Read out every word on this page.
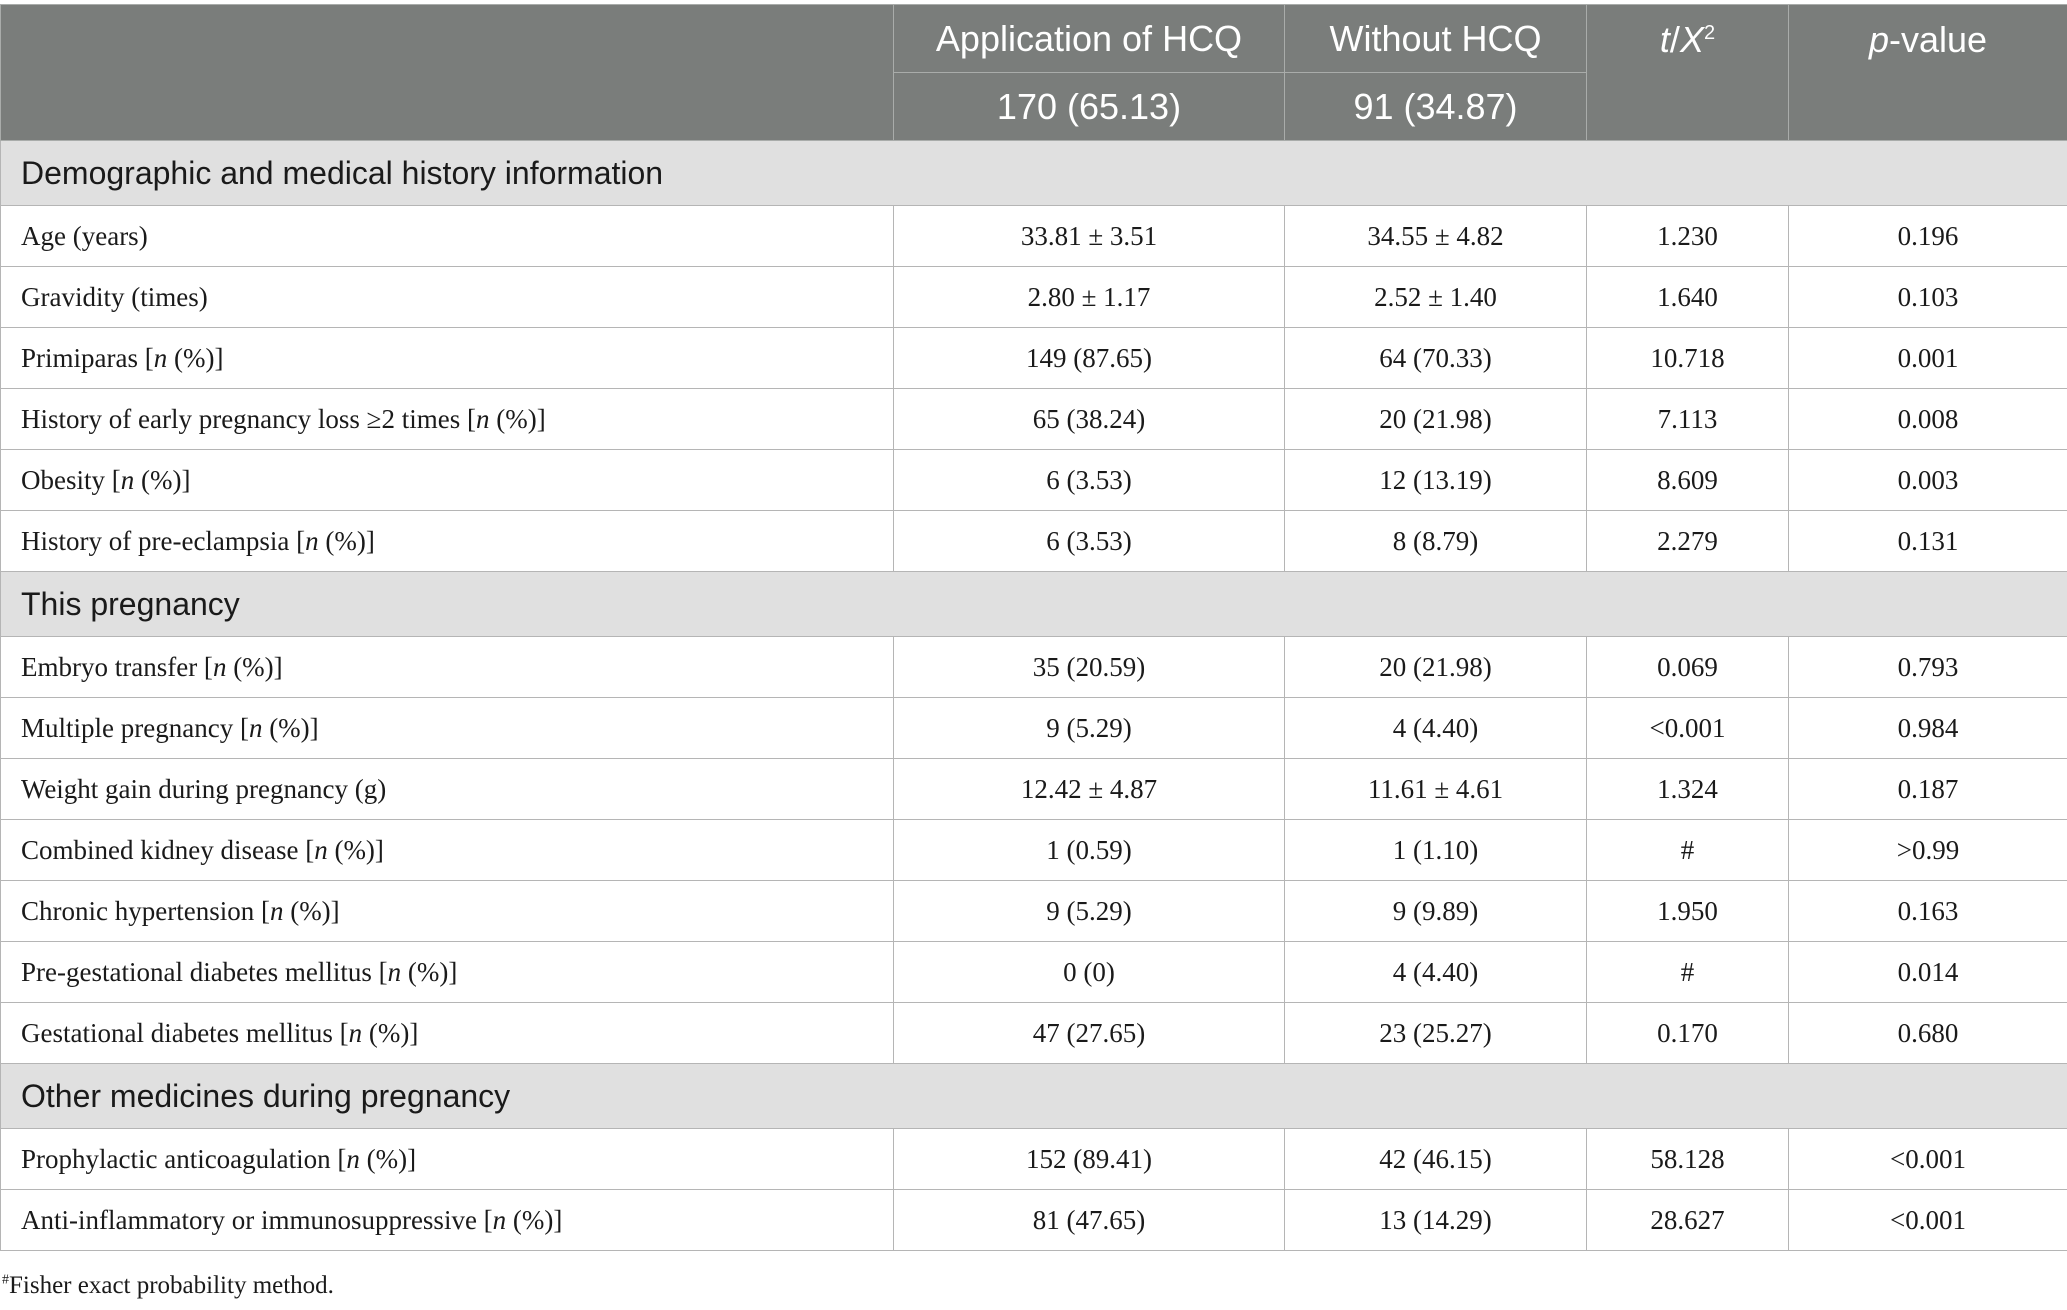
	Application of HCQ	Without HCQ	$t/X^2$	p-value
	170 (65.13)	91 (34.87)		
Demographic and medical history information				
Age (years)	33.81 ± 3.51	34.55 ± 4.82	1.230	0.196
Gravidity (times)	2.80 ± 1.17	2.52 ± 1.40	1.640	0.103
Primiparas [n (%)]	149 (87.65)	64 (70.33)	10.718	0.001
History of early pregnancy loss ≥2 times [n (%)]	65 (38.24)	20 (21.98)	7.113	0.008
Obesity [n (%)]	6 (3.53)	12 (13.19)	8.609	0.003
History of pre-eclampsia [n (%)]	6 (3.53)	8 (8.79)	2.279	0.131
This pregnancy				
Embryo transfer [n (%)]	35 (20.59)	20 (21.98)	0.069	0.793
Multiple pregnancy [n (%)]	9 (5.29)	4 (4.40)	<0.001	0.984
Weight gain during pregnancy (g)	12.42 ± 4.87	11.61 ± 4.61	1.324	0.187
Combined kidney disease [n (%)]	1 (0.59)	1 (1.10)	#	>0.99
Chronic hypertension [n (%)]	9 (5.29)	9 (9.89)	1.950	0.163
Pre-gestational diabetes mellitus [n (%)]	0 (0)	4 (4.40)	#	0.014
Gestational diabetes mellitus [n (%)]	47 (27.65)	23 (25.27)	0.170	0.680
Other medicines during pregnancy				
Prophylactic anticoagulation [n (%)]	152 (89.41)	42 (46.15)	58.128	<0.001
Anti-inflammatory or immunosuppressive [n (%)]	81 (47.65)	13 (14.29)	28.627	<0.001
#Fisher exact probability method.
